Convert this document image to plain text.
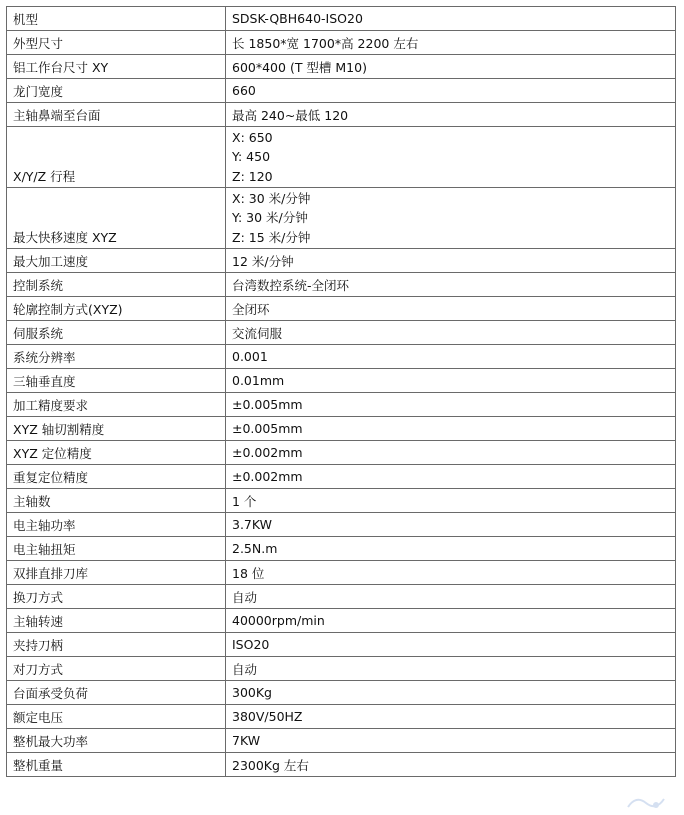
机型	SDSK-QBH640-ISO20
外型尺寸	长 1850*宽 1700*高 2200 左右
铝工作台尺寸 XY	600*400 (T 型槽 M10)
龙门宽度	660
主轴鼻端至台面	最高 240~最低 120
X/Y/Z 行程	X: 650
Y: 450
Z: 120

最大快移速度 XYZ	X: 30 米/分钟
Y: 30 米/分钟
Z: 15 米/分钟

最大加工速度	12 米/分钟
控制系统	台湾数控系统-全闭环
轮廓控制方式(XYZ)	全闭环
伺服系统	交流伺服
系统分辨率	0.001
三轴垂直度	0.01mm
加工精度要求	±0.005mm
XYZ 轴切割精度	±0.005mm
XYZ 定位精度	±0.002mm
重复定位精度	±0.002mm
主轴数	1 个
电主轴功率	3.7KW
电主轴扭矩	2.5N.m
双排直排刀库	18 位
换刀方式	自动
主轴转速	40000rpm/min
夹持刀柄	ISO20
对刀方式	自动
台面承受负荷	300Kg
额定电压	380V/50HZ
整机最大功率	7KW
整机重量	2300Kg 左右
